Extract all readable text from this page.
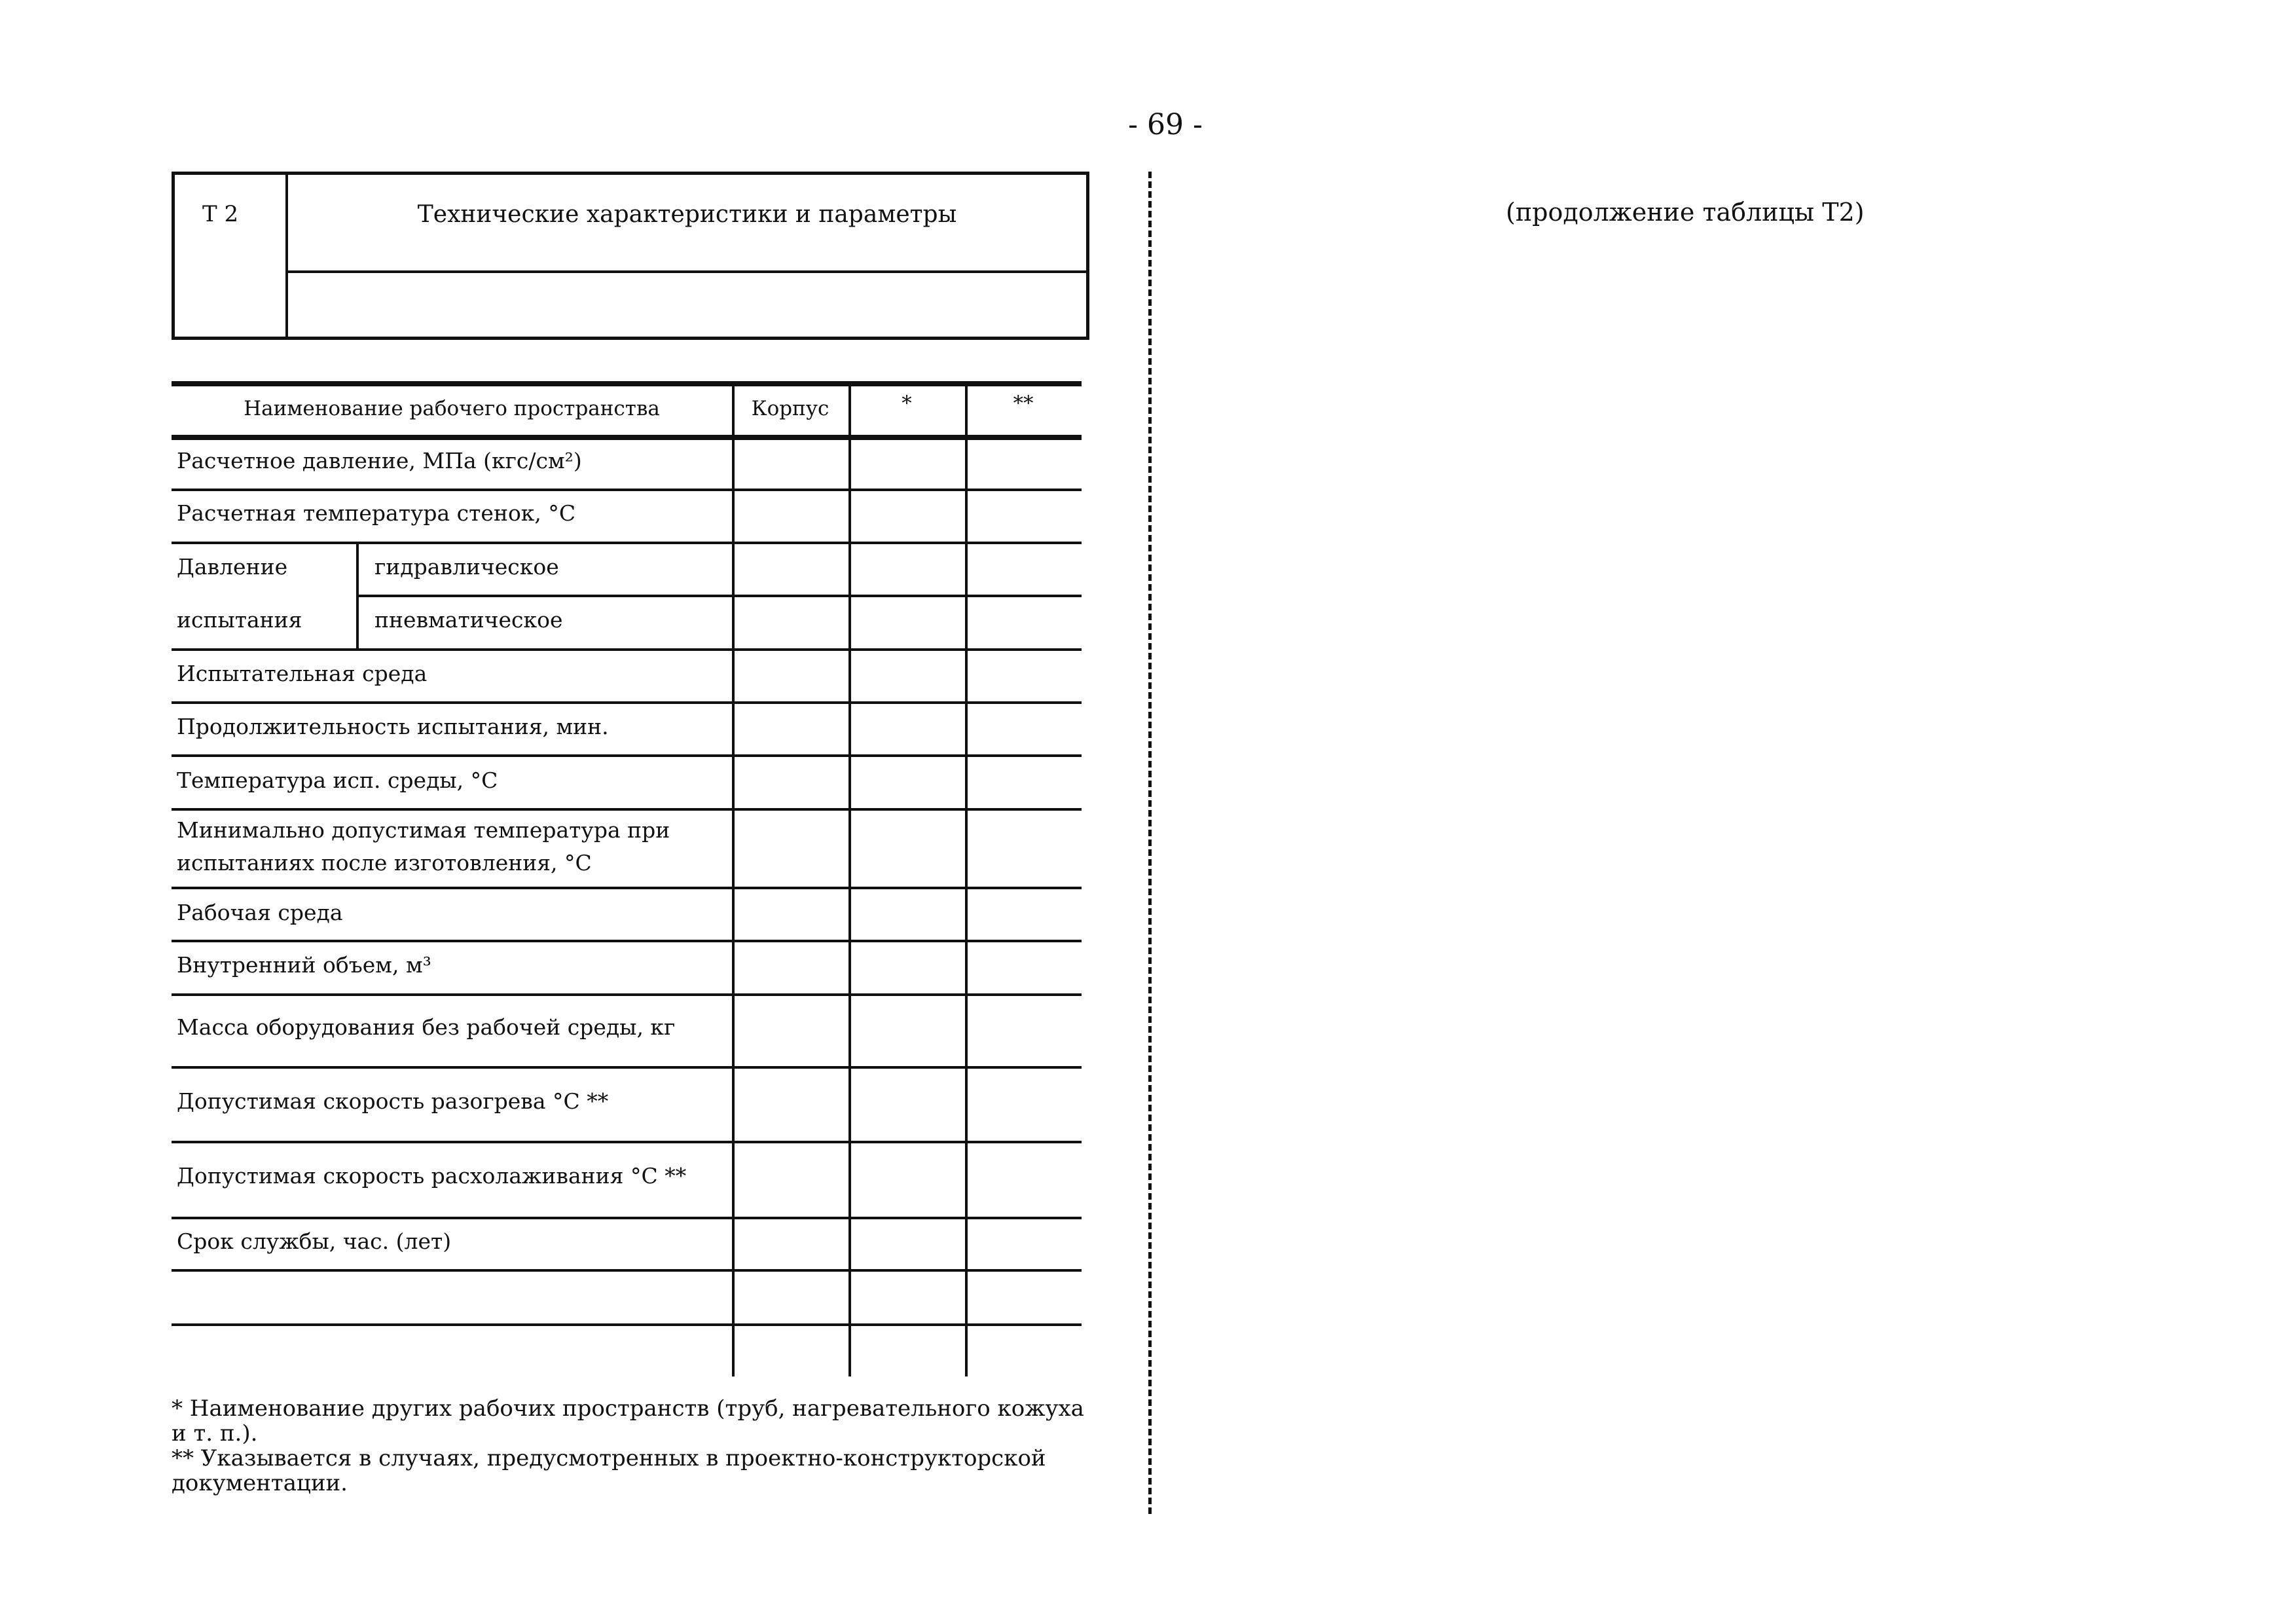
- 69 -
(продолжение таблицы Т2)
Т 2	Технические характеристики и параметры
Наименование рабочего пространства	Корпус	*	**
Расчетное давление, МПа (кгс/см²)
Расчетная температура стенок, °С
Давление	гидравлическое
испытания	пневматическое
Испытательная среда
Продолжительность испытания, мин.
Температура исп. среды, °С
Минимально допустимая температура при
испытаниях после изготовления, °С
Рабочая среда
Внутренний объем, м³
Масса оборудования без рабочей среды, кг
Допустимая скорость разогрева °С **
Допустимая скорость расхолаживания °С **
Срок службы, час. (лет)

* Наименование других рабочих пространств (труб, нагревательного кожуха и т. п.).

** Указывается в случаях, предусмотренных в проектно-конструкторской документации.
